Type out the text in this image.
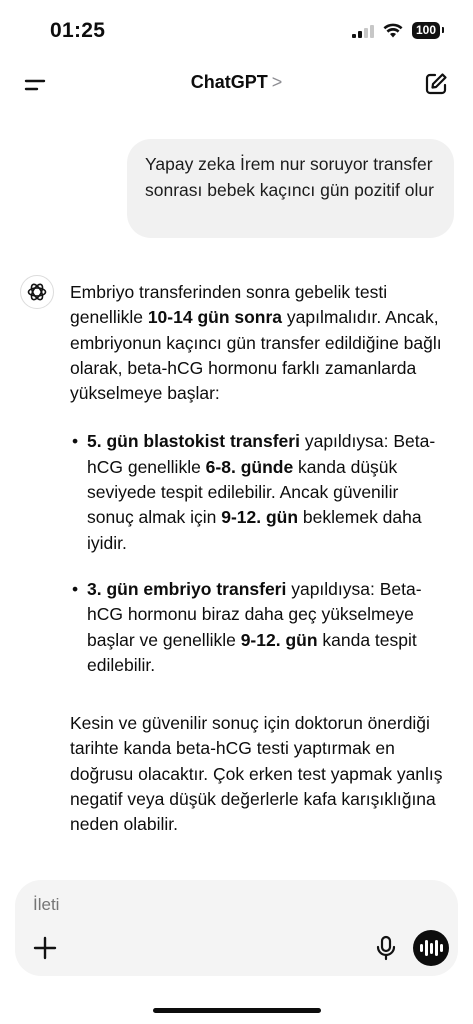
01:25	100
ChatGPT >
Yapay zeka İrem nur soruyor transfer sonrası bebek kaçıncı gün pozitif olur

Embriyo transferinden sonra gebelik testi genellikle 10-14 gün sonra yapılmalıdır. Ancak, embriyonun kaçıncı gün transfer edildiğine bağlı olarak, beta-hCG hormonu farklı zamanlarda yükselmeye başlar:

• 5. gün blastokist transferi yapıldıysa: Beta-hCG genellikle 6-8. günde kanda düşük seviyede tespit edilebilir. Ancak güvenilir sonuç almak için 9-12. gün beklemek daha iyidir.
• 3. gün embriyo transferi yapıldıysa: Beta-hCG hormonu biraz daha geç yükselmeye başlar ve genellikle 9-12. gün kanda tespit edilebilir.

Kesin ve güvenilir sonuç için doktorun önerdiği tarihte kanda beta-hCG testi yaptırmak en doğrusu olacaktır. Çok erken test yapmak yanlış negatif veya düşük değerlerle kafa karışıklığına neden olabilir.

İleti
